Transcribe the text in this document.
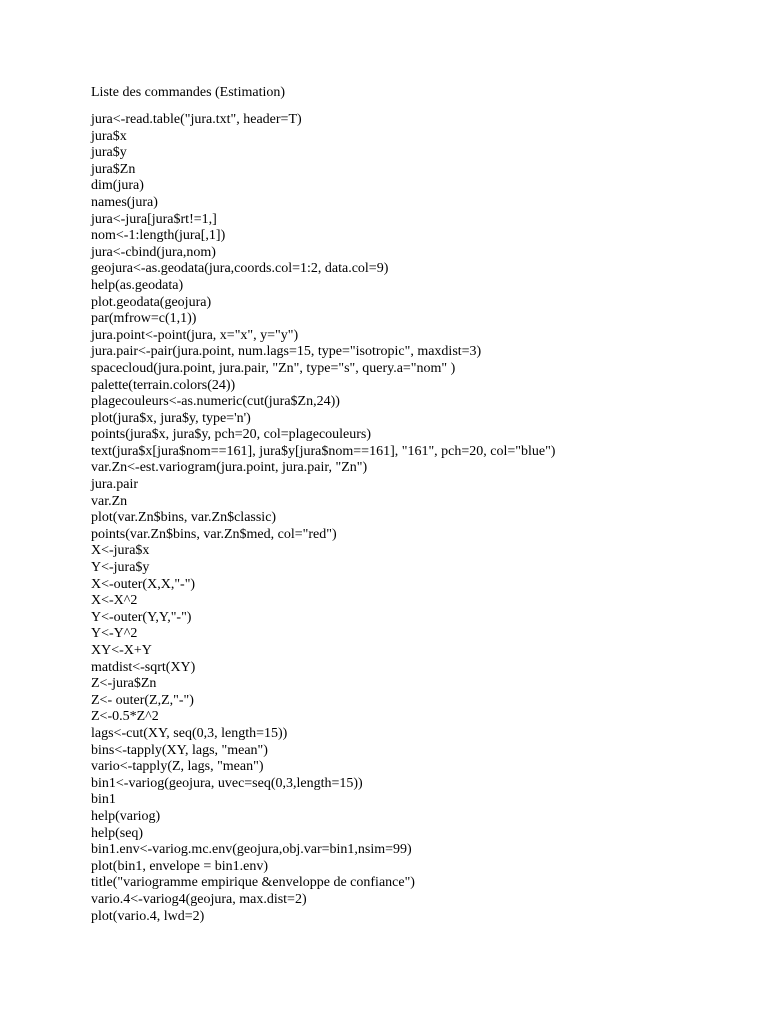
Liste des commandes (Estimation)
jura<-read.table("jura.txt", header=T)
jura$x
jura$y
jura$Zn
dim(jura)
names(jura)
jura<-jura[jura$rt!=1,]
nom<-1:length(jura[,1])
jura<-cbind(jura,nom)
geojura<-as.geodata(jura,coords.col=1:2, data.col=9)
help(as.geodata)
plot.geodata(geojura)
par(mfrow=c(1,1))
jura.point<-point(jura, x="x", y="y")
jura.pair<-pair(jura.point, num.lags=15, type="isotropic", maxdist=3)
spacecloud(jura.point, jura.pair, "Zn", type="s", query.a="nom" )
palette(terrain.colors(24))
plagecouleurs<-as.numeric(cut(jura$Zn,24))
plot(jura$x, jura$y, type='n')
points(jura$x, jura$y, pch=20, col=plagecouleurs)
text(jura$x[jura$nom==161], jura$y[jura$nom==161], "161", pch=20, col="blue")
var.Zn<-est.variogram(jura.point, jura.pair, "Zn")
jura.pair
var.Zn
plot(var.Zn$bins, var.Zn$classic)
points(var.Zn$bins, var.Zn$med, col="red")
X<-jura$x
Y<-jura$y
X<-outer(X,X,"-")
X<-X^2
Y<-outer(Y,Y,"-")
Y<-Y^2
XY<-X+Y
matdist<-sqrt(XY)
Z<-jura$Zn
Z<- outer(Z,Z,"-")
Z<-0.5*Z^2
lags<-cut(XY, seq(0,3, length=15))
bins<-tapply(XY, lags, "mean")
vario<-tapply(Z, lags, "mean")
bin1<-variog(geojura, uvec=seq(0,3,length=15))
bin1
help(variog)
help(seq)
bin1.env<-variog.mc.env(geojura,obj.var=bin1,nsim=99)
plot(bin1, envelope = bin1.env)
title("variogramme empirique &enveloppe de confiance")
vario.4<-variog4(geojura, max.dist=2)
plot(vario.4, lwd=2)
